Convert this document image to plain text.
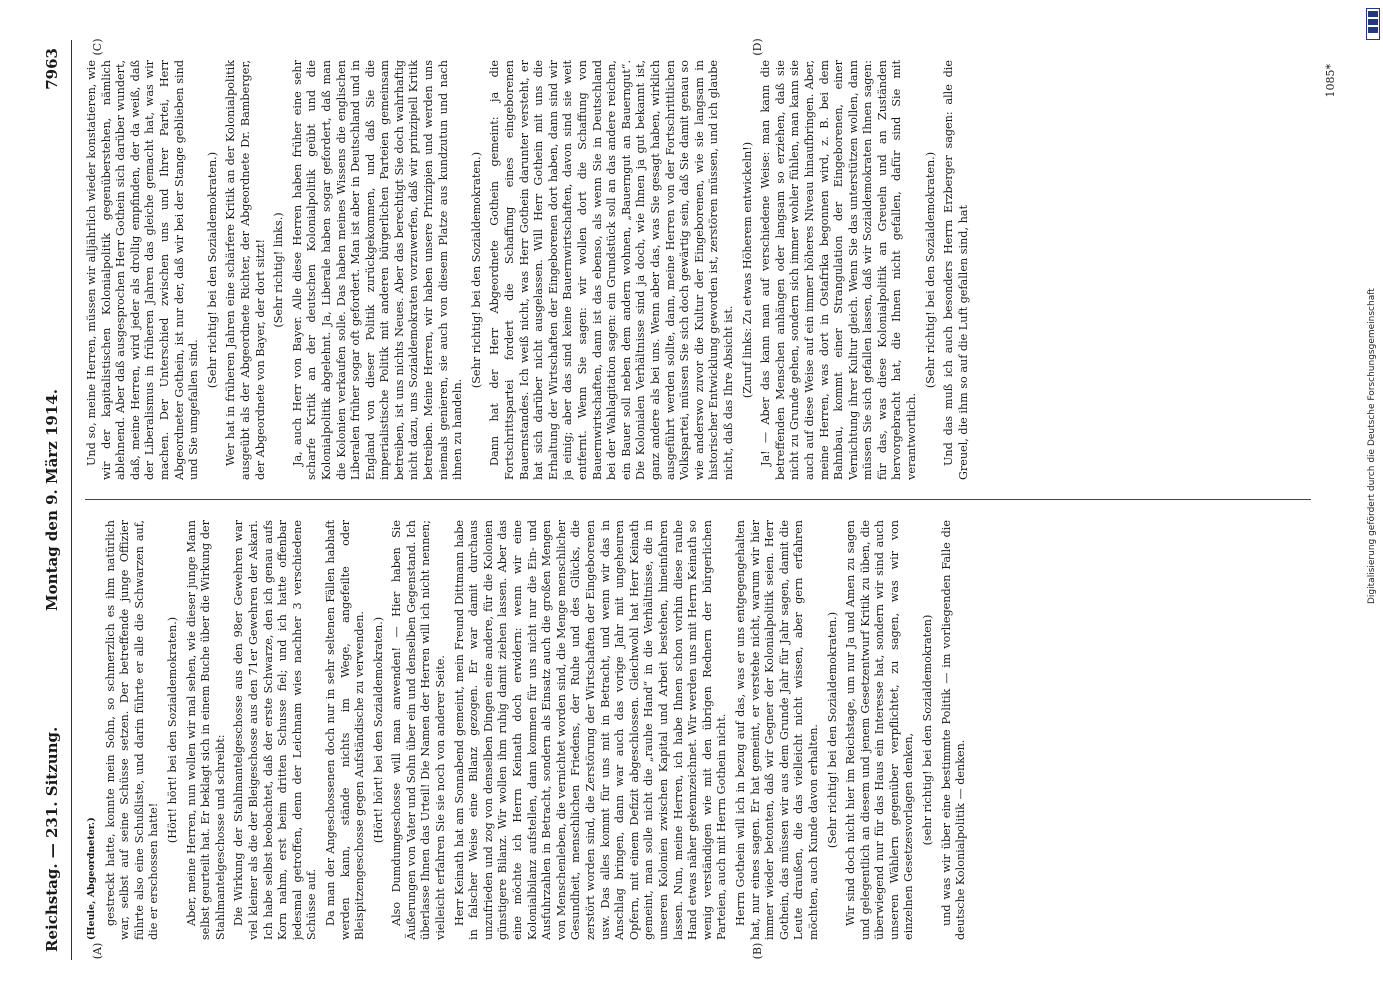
Reichstag. — 231. Sitzung.
Montag den 9. März 1914.
7963
(A)	(B)
(C)	(D)

(Heule, Abgeordneter.) gestreckt hatte, konnte mein Sohn, so schmerzlich es ihm natürlich war, selbst auf seine Schüsse setzen. Der betreffende junge Offizier führte also eine Schußliste, und darin führte er alle die Schwarzen auf, die er erschossen hatte!

(Hört! hört! bei den Sozialdemokraten.) Aber, meine Herren, nun wollen wir mal sehen, wie dieser junge Mann selbst geurteilt hat. Er beklagt sich in einem Buche über die Wirkung der Stahlmantelgeschosse und schreibt: Die Wirkung der Stahlmantelgeschosse aus den 98er Gewehren war viel kleiner als die der Bleigeschosse aus den 71er Gewehren der Askari. Ich habe selbst beobachtet, daß der erste Schwarze, den ich genau aufs Korn nahm, erst beim dritten Schusse fiel; und ich hatte offenbar jedesmal getroffen, denn der Leichnam wies nachher 3 verschiedene Schüsse auf. Da man der Angeschossenen doch nur in sehr seltenen Fällen habhaft werden kann, stände nichts im Wege, angefeilte oder Bleispitzengeschosse gegen Aufständische zu verwenden. (Hört! hört! bei den Sozialdemokraten.) Also Dumdumgeschosse will man anwenden! — Hier haben Sie Äußerungen von Vater und Sohn über ein und denselben Gegenstand. Ich überlasse Ihnen das Urteil! Die Namen der Herren will ich nicht nennen; vielleicht erfahren Sie sie noch von anderer Seite. Herr Keinath hat am Sonnabend gemeint, mein Freund Dittmann habe in falscher Weise eine Bilanz gezogen. Er war damit durchaus unzufrieden und zog von denselben Dingen eine andere, für die Kolonien günstigere Bilanz. Wir wollen ihm ruhig damit ziehen lassen. Aber das eine möchte ich Herrn Keinath doch erwidern: wenn wir eine Kolonialbilanz aufstellen, dann kommen für uns nicht nur die Ein- und Ausfuhrzahlen in Betracht, sondern als Einsatz auch die großen Mengen von Menschenleben, die vernichtet worden sind, die Menge menschlicher Gesundheit, menschlichen Friedens, der Ruhe und des Glücks, die zerstört worden sind, die Zerstörung der Wirtschaften der Eingeborenen usw. Das alles kommt für uns mit in Betracht, und wenn wir das in Anschlag bringen, dann war auch das vorige Jahr mit ungeheuren Opfern, mit einem Defizit abgeschlossen. Gleichwohl hat Herr Keinath gemeint, man solle nicht die „rauhe Hand“ in die Verhältnisse, die in unseren Kolonien zwischen Kapital und Arbeit bestehen, hineinfahren lassen. Nun, meine Herren, ich habe Ihnen schon vorhin diese rauhe Hand etwas näher gekennzeichnet. Wir werden uns mit Herrn Keinath so wenig verständigen wie mit den übrigen Rednern der bürgerlichen Parteien, auch mit Herrn Gothein nicht. Herrn Gothein will ich in bezug auf das, was er uns entgegengehalten hat, nur eines sagen. Er hat gemeint, er verstehe nicht, warum wir hier immer wieder betonten, daß wir Gegner der Kolonialpolitik seien. Herr Gothein, das müssen wir aus dem Grunde Jahr für Jahr sagen, damit die Leute draußen, die das vielleicht nicht wissen, aber gern erfahren möchten, auch Kunde davon erhalten. (Sehr richtig! bei den Sozialdemokraten.) Wir sind doch nicht hier im Reichstage, um nur Ja und Amen zu sagen und gelegentlich an diesem und jenem Gesetzentwurf Kritik zu üben, die überwiegend nur für das Haus ein Interesse hat, sondern wir sind auch unseren Wählern gegenüber verpflichtet, zu sagen, was wir von einzelnen Gesetzesvorlagen denken, (sehr richtig! bei den Sozialdemokraten) und was wir über eine bestimmte Politik — im vorliegenden Falle die deutsche Kolonialpolitik — denken.

Und so, meine Herren, müssen wir alljährlich wieder konstatieren, wie wir der kapitalistischen Kolonialpolitik gegenüberstehen, nämlich ablehnend. Aber daß ausgesprochen Herr Gothein sich darüber wundert, daß, meine Herren, wird jeder als drollig empfinden, der da weiß, daß der Liberalismus in früheren Jahren das gleiche gemacht hat, was wir machen. Der Unterschied zwischen uns und Ihrer Partei, Herr Abgeordneter Gothein, ist nur der, daß wir bei der Stange geblieben sind und Sie umgefallen sind.

(Sehr richtig! bei den Sozialdemokraten.) Wer hat in früheren Jahren eine schärfere Kritik an der Kolonialpolitik ausgeübt als der Abgeordnete Richter, der Abgeordnete Dr. Bamberger, der Abgeordnete von Bayer, der dort sitzt! (Sehr richtig! links.) Ja, auch Herr von Bayer. Alle diese Herren haben früher eine sehr scharfe Kritik an der deutschen Kolonialpolitik geübt und die Kolonialpolitik abgelehnt. Ja, Liberale haben sogar gefordert, daß man die Kolonien verkaufen solle. Das haben meines Wissens die englischen Liberalen früher sogar oft gefordert. Man ist aber in Deutschland und in England von dieser Politik zurückgekommen, und daß Sie die imperialistische Politik mit anderen bürgerlichen Parteien gemeinsam betreiben, ist uns nichts Neues. Aber das berechtigt Sie doch wahrhaftig nicht dazu, uns Sozialdemokraten vorzuwerfen, daß wir prinzipiell Kritik betreiben. Meine Herren, wir haben unsere Prinzipien und werden uns niemals genieren, sie auch von diesem Platze aus kundzutun und nach ihnen zu handeln.

(Sehr richtig! bei den Sozialdemokraten.) Dann hat der Herr Abgeordnete Gothein gemeint: ja die Fortschrittspartei fordert die Schaffung eines eingeborenen Bauernstandes. Ich weiß nicht, was Herr Gothein darunter versteht, er hat sich darüber nicht ausgelassen. Will Herr Gothein mit uns die Erhaltung der Wirtschaften der Eingeborenen dort haben, dann sind wir ja einig; aber das sind keine Bauernwirtschaften, davon sind sie weit entfernt. Wenn Sie sagen: wir wollen dort die Schaffung von Bauernwirtschaften, dann ist das ebenso, als wenn Sie in Deutschland bei der Wahlagitation sagen: ein Grundstück soll an das andere reichen, ein Bauer soll neben dem andern wohnen, „Bauerngut an Bauerngut“. Die Kolonialen Verhältnisse sind ja doch, wie Ihnen ja gut bekannt ist, ganz andere als bei uns. Wenn aber das, was Sie gesagt haben, wirklich ausgeführt werden sollte, dann, meine Herren von der Fortschrittlichen Volkspartei, müssen Sie sich doch gewärtig sein, daß Sie damit genau so wie anderswo zuvor die Kultur der Eingeborenen, wie sie langsam in historischer Entwicklung geworden ist, zerstören müssen, und ich glaube nicht, daß das Ihre Absicht ist. (Zuruf links: Zu etwas Höherem entwickeln!) Ja! — Aber das kann man auf verschiedene Weise: man kann die betreffenden Menschen anhängen oder langsam so erziehen, daß sie nicht zu Grunde gehen, sondern sich immer wohler fühlen, man kann sie auch auf diese Weise auf ein immer höheres Niveau hinaufbringen. Aber, meine Herren, was dort in Ostafrika begonnen wird, z. B. bei dem Bahnbau, kommt einer Strangulation der Eingeborenen, einer Vernichtung ihrer Kultur gleich. Wenn Sie das unterstützen wollen, dann müssen Sie sich gefallen lassen, daß wir Sozialdemokraten Ihnen sagen: für das, was diese Kolonialpolitik an Greueln und an Zuständen hervorgebracht hat, die Ihnen nicht gefallen, dafür sind Sie mit verantwortlich.

(Sehr richtig! bei den Sozialdemokraten.) Und das muß ich auch besonders Herrn Erzberger sagen: alle die Greuel, die ihm so auf die Luft gefallen sind, hat

1085*
Digitalisierung gefördert durch die Deutsche Forschungsgemeinschaft
